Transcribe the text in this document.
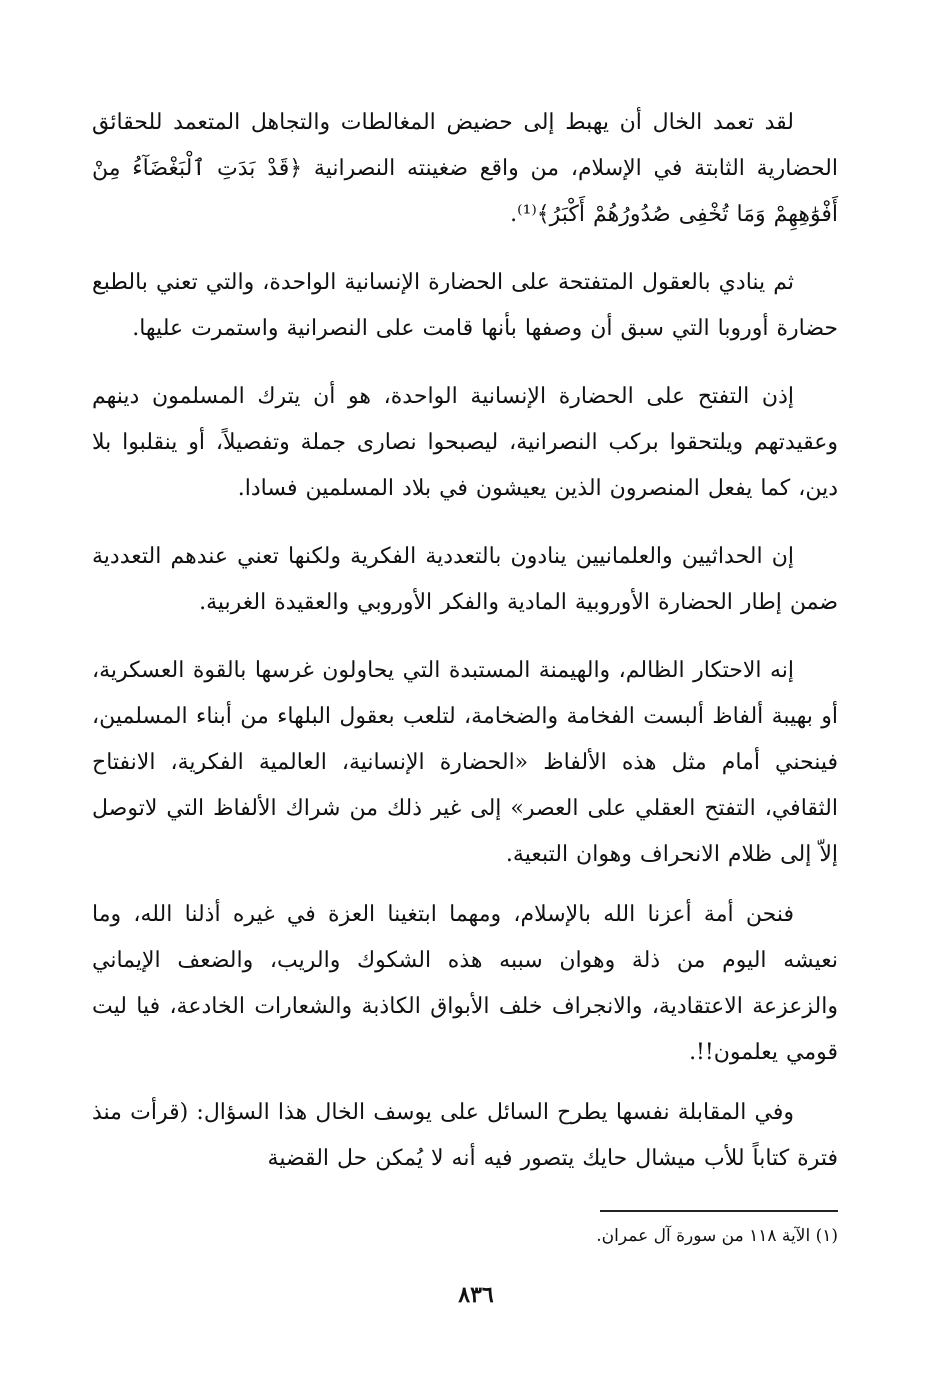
لقد تعمد الخال أن يهبط إلى حضيض المغالطات والتجاهل المتعمد للحقائق الحضارية الثابتة في الإسلام، من واقع ضغينته النصرانية ﴿قَدْ بَدَتِ ٱلْبَغْضَآءُ مِنْ أَفْوَٰهِهِمْ وَمَا تُخْفِى صُدُورُهُمْ أَكْبَرُ﴾⁽¹⁾.

ثم ينادي بالعقول المتفتحة على الحضارة الإنسانية الواحدة، والتي تعني بالطبع حضارة أوروبا التي سبق أن وصفها بأنها قامت على النصرانية واستمرت عليها.

إذن التفتح على الحضارة الإنسانية الواحدة، هو أن يترك المسلمون دينهم وعقيدتهم ويلتحقوا بركب النصرانية، ليصبحوا نصارى جملة وتفصيلاً، أو ينقلبوا بلا دين، كما يفعل المنصرون الذين يعيشون في بلاد المسلمين فسادا.

إن الحداثيين والعلمانيين ينادون بالتعددية الفكرية ولكنها تعني عندهم التعددية ضمن إطار الحضارة الأوروبية المادية والفكر الأوروبي والعقيدة الغربية.

إنه الاحتكار الظالم، والهيمنة المستبدة التي يحاولون غرسها بالقوة العسكرية، أو بهيبة ألفاظ ألبست الفخامة والضخامة، لتلعب بعقول البلهاء من أبناء المسلمين، فينحني أمام مثل هذه الألفاظ «الحضارة الإنسانية، العالمية الفكرية، الانفتاح الثقافي، التفتح العقلي على العصر» إلى غير ذلك من شراك الألفاظ التي لاتوصل إلاّ إلى ظلام الانحراف وهوان التبعية.

فنحن أمة أعزنا الله بالإسلام، ومهما ابتغينا العزة في غيره أذلنا الله، وما نعيشه اليوم من ذلة وهوان سببه هذه الشكوك والريب، والضعف الإيماني والزعزعة الاعتقادية، والانجراف خلف الأبواق الكاذبة والشعارات الخادعة، فيا ليت قومي يعلمون!!.

وفي المقابلة نفسها يطرح السائل على يوسف الخال هذا السؤال: (قرأت منذ فترة كتاباً للأب ميشال حايك يتصور فيه أنه لا يُمكن حل القضية

(١) الآية ١١٨ من سورة آل عمران.
٨٣٦
